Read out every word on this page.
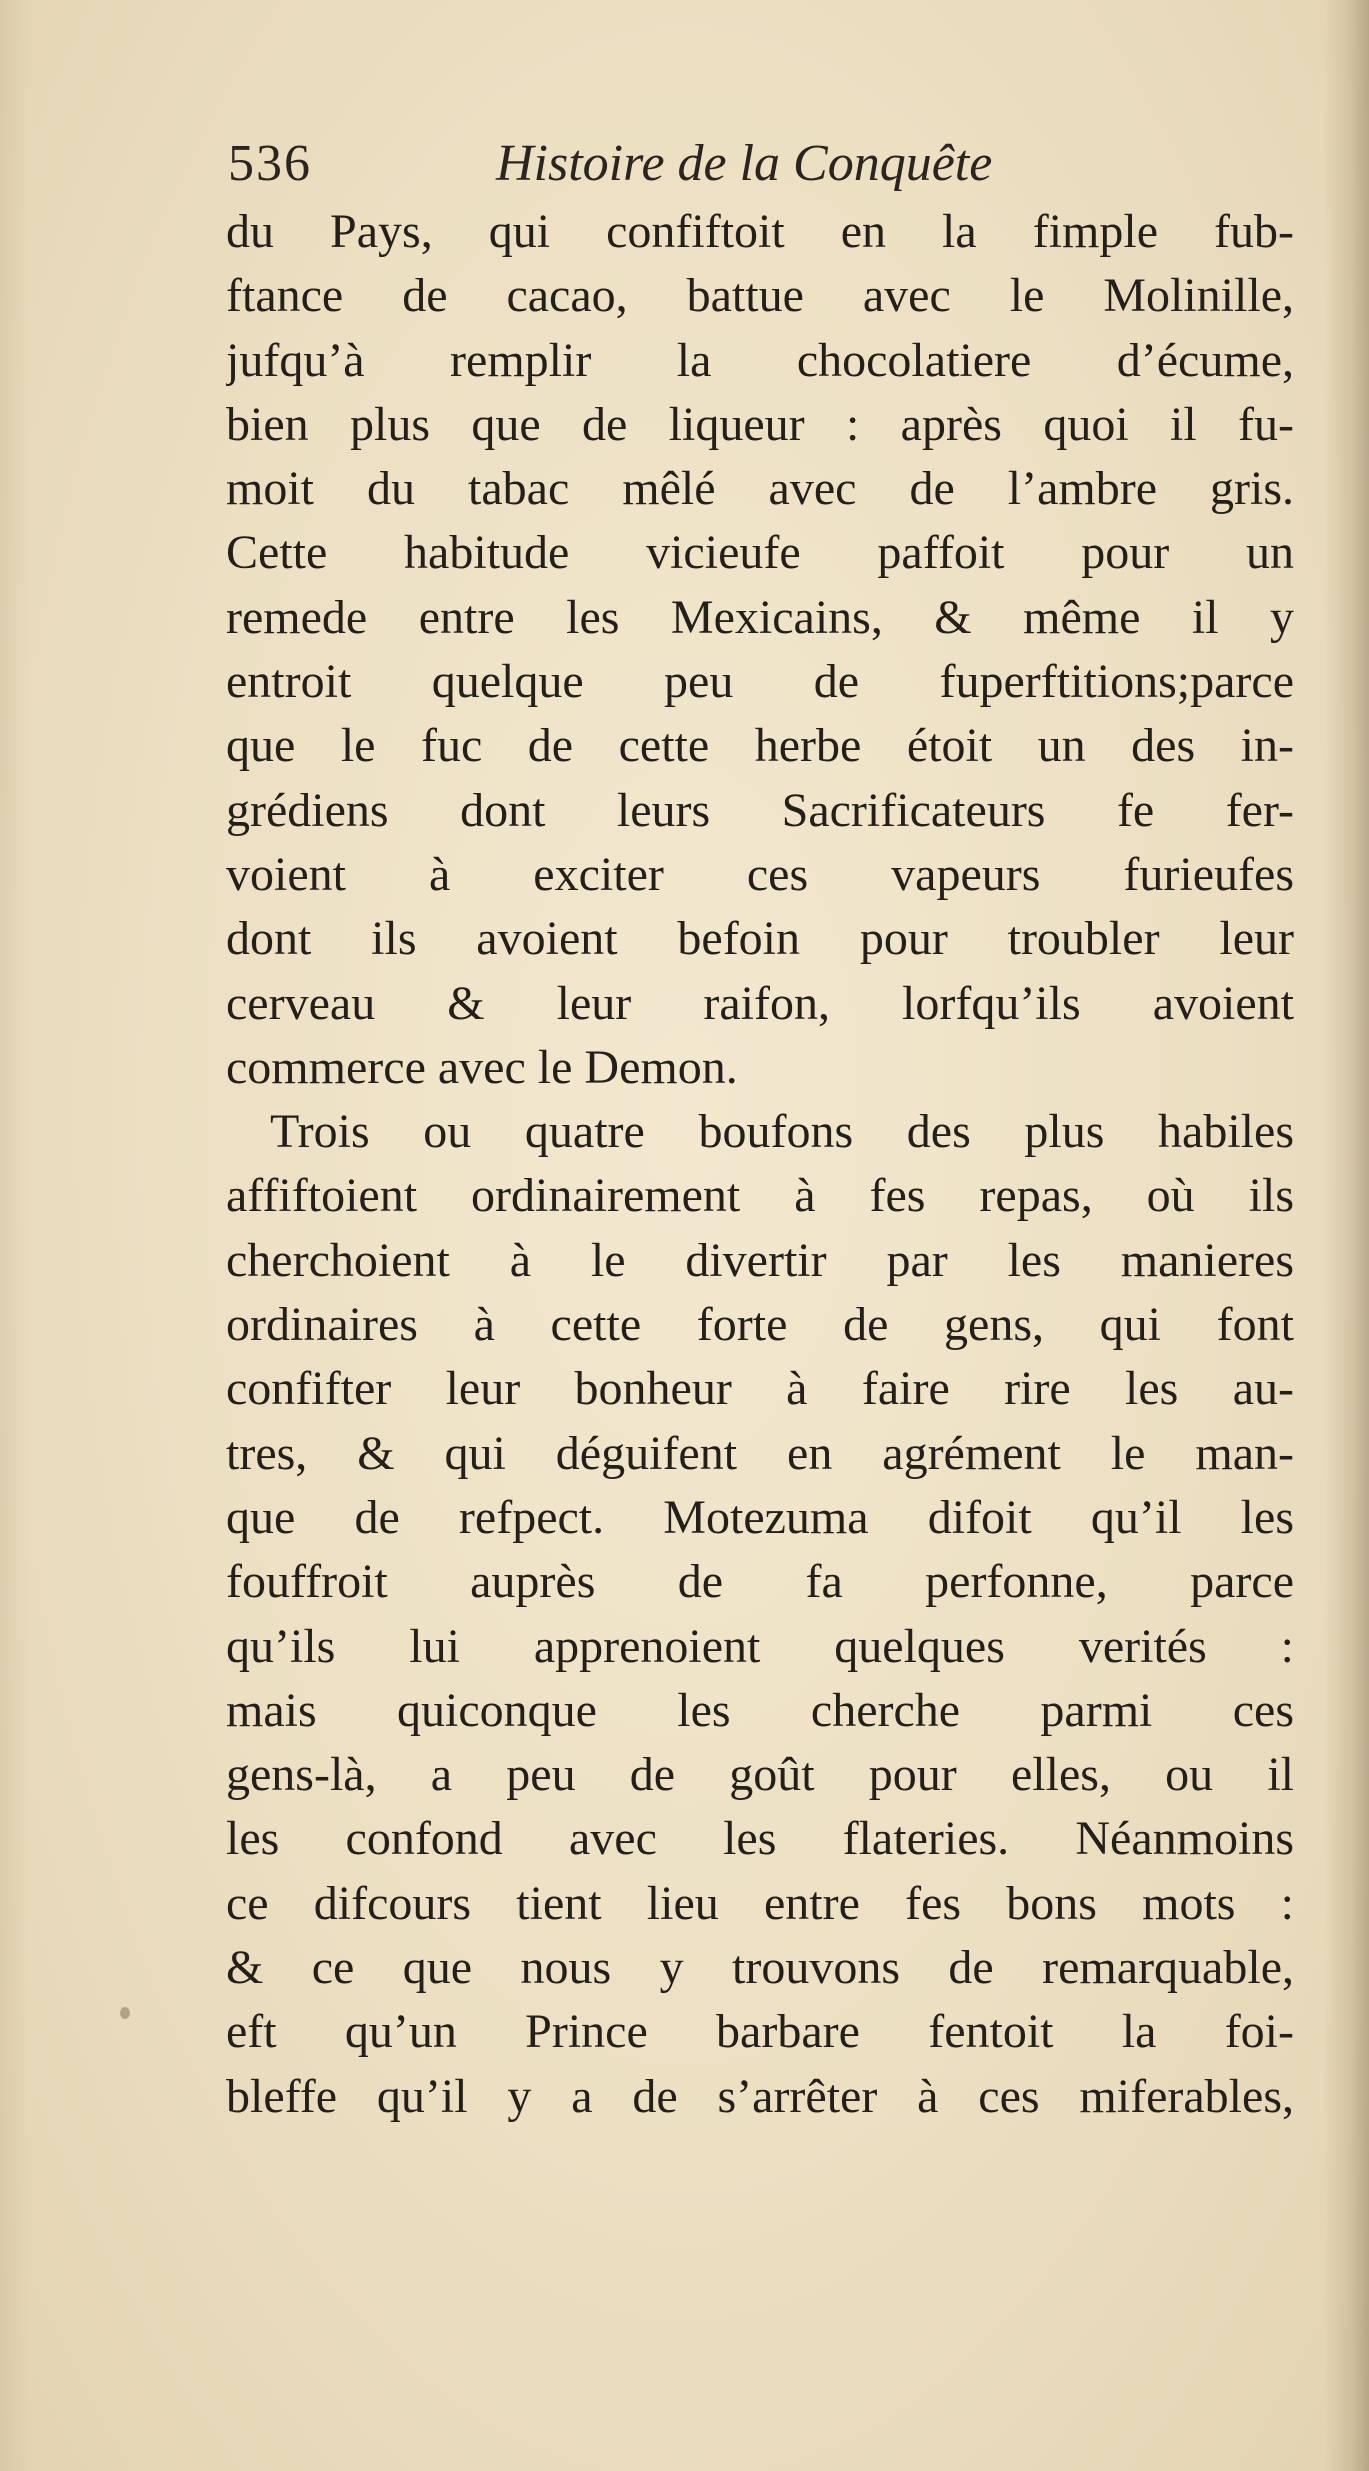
536	Histoire de la Conquête
du Pays, qui confiftoit en la fimple fub-
ftance de cacao, battue avec le Molinille,
jufqu’à remplir la chocolatiere d’écume,
bien plus que de liqueur : après quoi il fu-
moit du tabac mêlé avec de l’ambre gris.
Cette habitude vicieufe paffoit pour un
remede entre les Mexicains, & même il y
entroit quelque peu de fuperftitions;parce
que le fuc de cette herbe étoit un des in-
grédiens dont leurs Sacrificateurs fe fer-
voient à exciter ces vapeurs furieufes
dont ils avoient befoin pour troubler leur
cerveau & leur raifon, lorfqu’ils avoient
commerce avec le Demon.
Trois ou quatre boufons des plus habiles
affiftoient ordinairement à fes repas, où ils
cherchoient à le divertir par les manieres
ordinaires à cette forte de gens, qui font
confifter leur bonheur à faire rire les au-
tres, & qui déguifent en agrément le man-
que de refpect. Motezuma difoit qu’il les
fouffroit auprès de fa perfonne, parce
qu’ils lui apprenoient quelques verités :
mais quiconque les cherche parmi ces
gens-là, a peu de goût pour elles, ou il
les confond avec les flateries. Néanmoins
ce difcours tient lieu entre fes bons mots :
& ce que nous y trouvons de remarquable,
eft qu’un Prince barbare fentoit la foi-
bleffe qu’il y a de s’arrêter à ces miferables,
